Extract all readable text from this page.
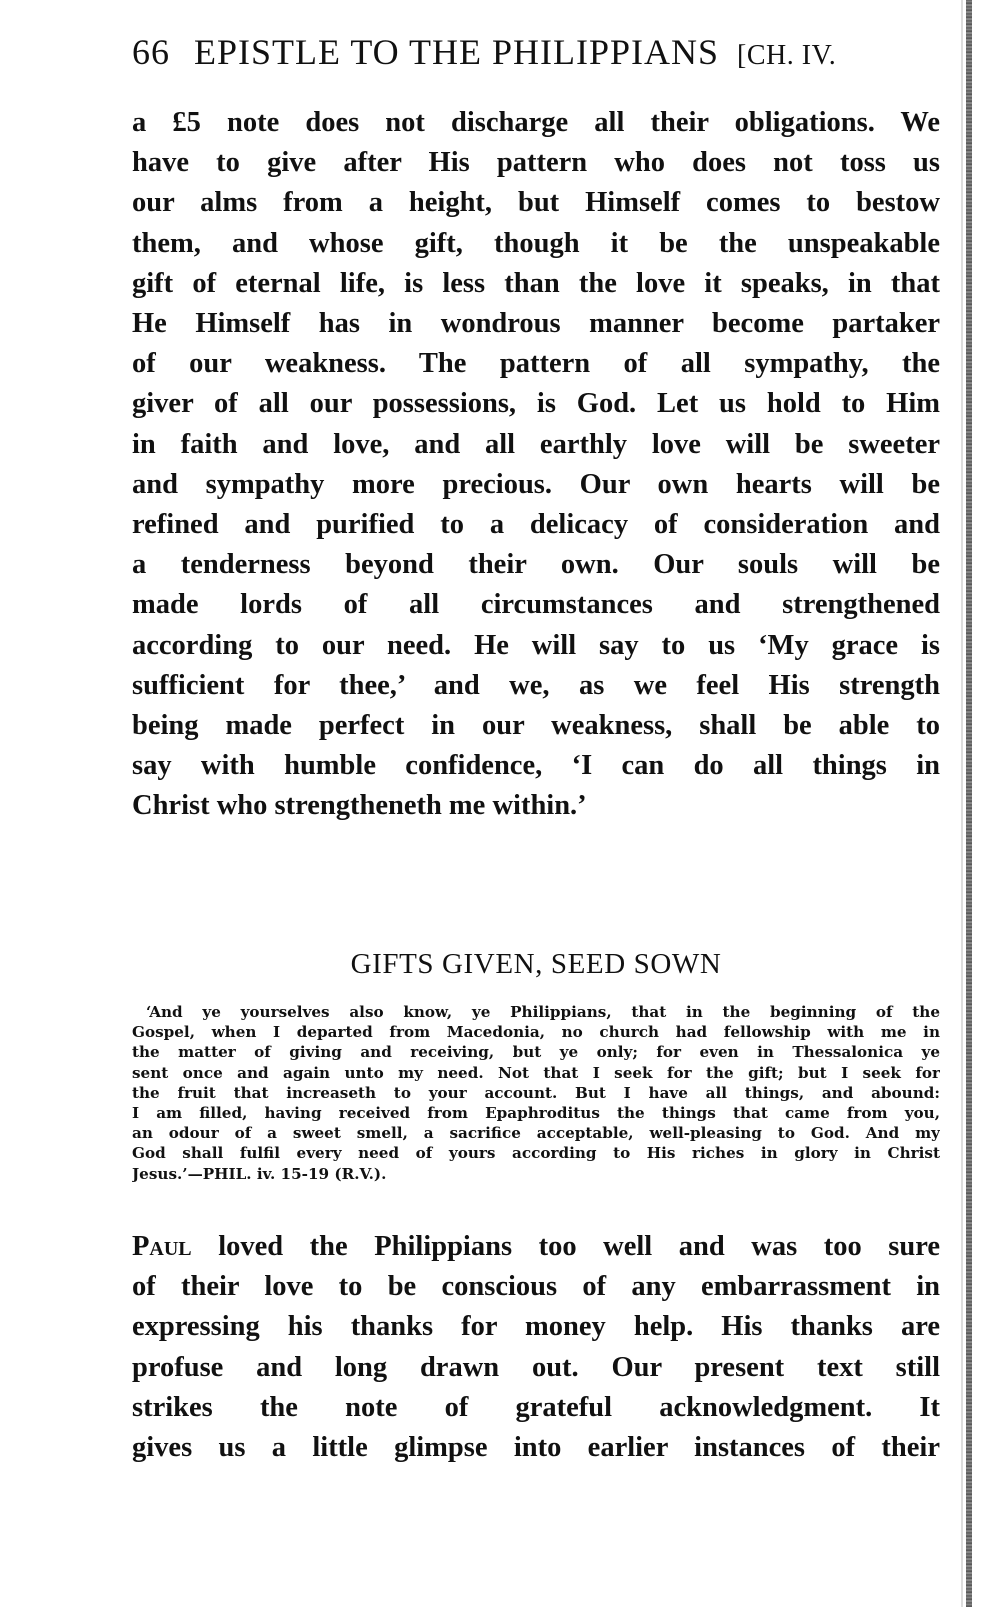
66 EPISTLE TO THE PHILIPPIANS [CH. IV.
a £5 note does not discharge all their obligations. We
have to give after His pattern who does not toss us
our alms from a height, but Himself comes to bestow
them, and whose gift, though it be the unspeakable
gift of eternal life, is less than the love it speaks, in that
He Himself has in wondrous manner become partaker
of our weakness. The pattern of all sympathy, the
giver of all our possessions, is God. Let us hold to Him
in faith and love, and all earthly love will be sweeter
and sympathy more precious. Our own hearts will be
refined and purified to a delicacy of consideration and
a tenderness beyond their own. Our souls will be
made lords of all circumstances and strengthened
according to our need. He will say to us ‘My grace is
sufficient for thee,’ and we, as we feel His strength
being made perfect in our weakness, shall be able to
say with humble confidence, ‘I can do all things in
Christ who strengtheneth me within.’
GIFTS GIVEN, SEED SOWN
‘And ye yourselves also know, ye Philippians, that in the beginning of the
Gospel, when I departed from Macedonia, no church had fellowship with me in
the matter of giving and receiving, but ye only; for even in Thessalonica ye
sent once and again unto my need. Not that I seek for the gift; but I seek for
the fruit that increaseth to your account. But I have all things, and abound:
I am filled, having received from Epaphroditus the things that came from you,
an odour of a sweet smell, a sacrifice acceptable, well-pleasing to God. And my
God shall fulfil every need of yours according to His riches in glory in Christ
Jesus.’—PHIL. iv. 15-19 (R.V.).
Paul loved the Philippians too well and was too sure
of their love to be conscious of any embarrassment in
expressing his thanks for money help. His thanks are
profuse and long drawn out. Our present text still
strikes the note of grateful acknowledgment. It
gives us a little glimpse into earlier instances of their
